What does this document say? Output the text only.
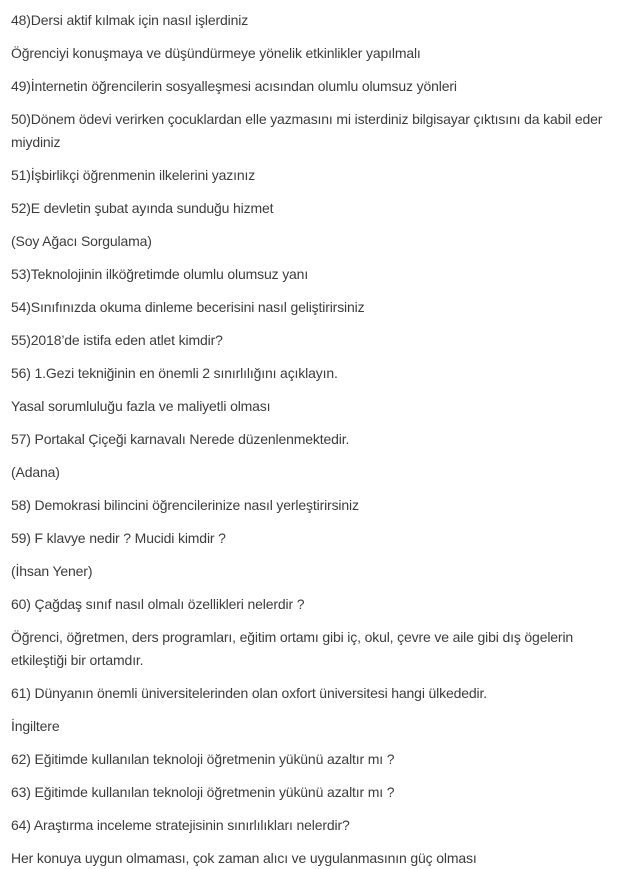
48)Dersi aktif kılmak için nasıl işlerdiniz
Öğrenciyi konuşmaya ve düşündürmeye yönelik etkinlikler yapılmalı
49)İnternetin öğrencilerin sosyalleşmesi acısından olumlu olumsuz yönleri
50)Dönem ödevi verirken çocuklardan elle yazmasını mi isterdiniz bilgisayar çıktısını da kabil eder miydiniz
51)İşbirlikçi öğrenmenin ilkelerini yazınız
52)E devletin şubat ayında sunduğu hizmet
(Soy Ağacı Sorgulama)
53)Teknolojinin ilköğretimde olumlu olumsuz yanı
54)Sınıfınızda okuma dinleme becerisini nasıl geliştirirsiniz
55)2018’de istifa eden atlet kimdir?
56) 1.Gezi tekniğinin en önemli 2 sınırlılığını açıklayın.
Yasal sorumluluğu fazla ve maliyetli olması
57) Portakal Çiçeği karnavalı Nerede düzenlenmektedir.
(Adana)
58) Demokrasi bilincini öğrencilerinize nasıl yerleştirirsiniz
59) F klavye nedir ? Mucidi kimdir ?
(İhsan Yener)
60) Çağdaş sınıf nasıl olmalı özellikleri nelerdir ?
Öğrenci, öğretmen, ders programları, eğitim ortamı gibi iç, okul, çevre ve aile gibi dış ögelerin etkileştiği bir ortamdır.
61) Dünyanın önemli üniversitelerinden olan oxfort üniversitesi hangi ülkededir.
İngiltere
62) Eğitimde kullanılan teknoloji öğretmenin yükünü azaltır mı ?
63) Eğitimde kullanılan teknoloji öğretmenin yükünü azaltır mı ?
64) Araştırma inceleme stratejisinin sınırlılıkları nelerdir?
Her konuya uygun olmaması, çok zaman alıcı ve uygulanmasının güç olması
